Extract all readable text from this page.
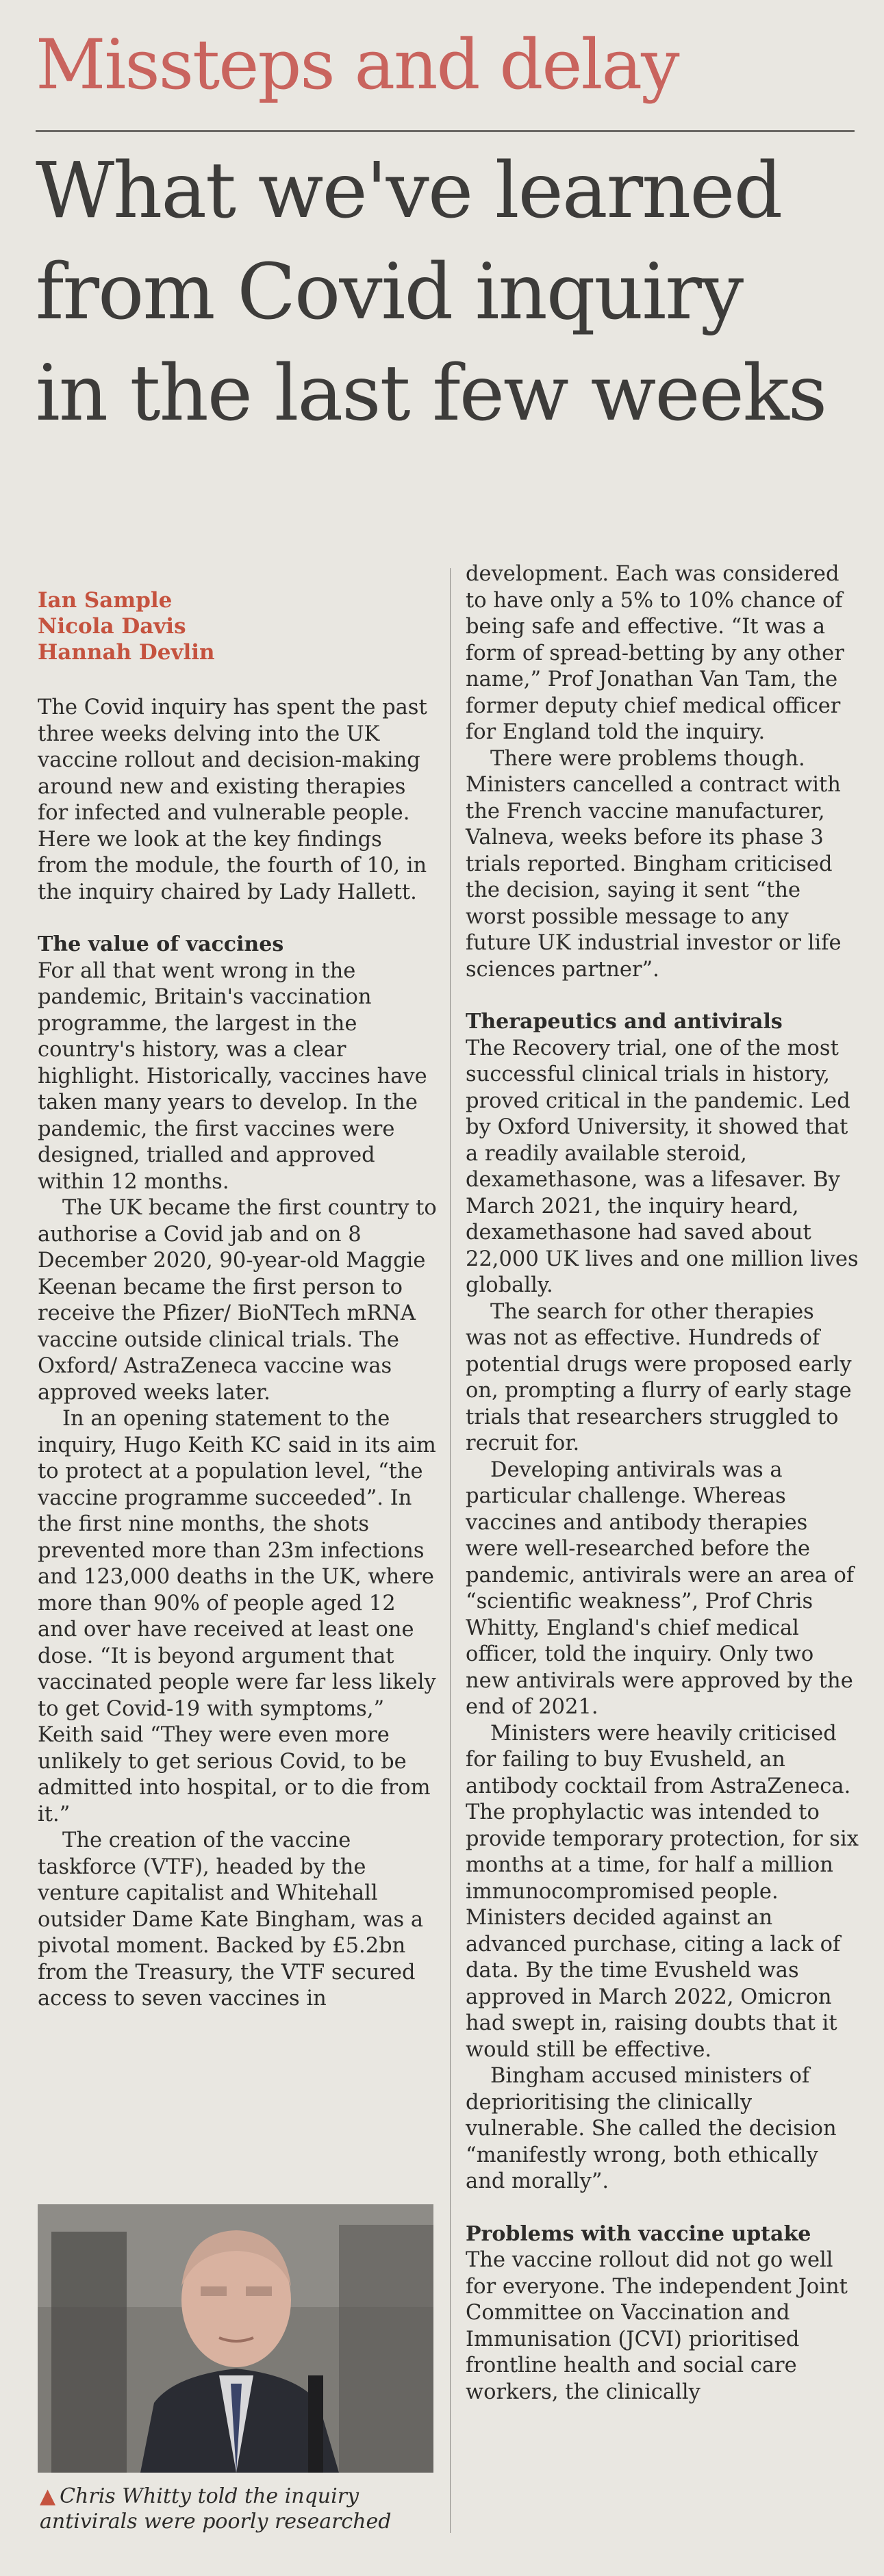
Missteps and delay
What we've learned
from Covid inquiry
in the last few weeks
Ian Sample
Nicola Davis
Hannah Devlin

The Covid inquiry has spent the past three weeks delving into the UK vaccine rollout and decision-making around new and existing therapies for infected and vulnerable people. Here we look at the key findings from the module, the fourth of 10, in the inquiry chaired by Lady Hallett.

The value of vaccines

For all that went wrong in the pandemic, Britain's vaccination programme, the largest in the country's history, was a clear highlight. Historically, vaccines have taken many years to develop. In the pandemic, the first vaccines were designed, trialled and approved within 12 months.

The UK became the first country to authorise a Covid jab and on 8 December 2020, 90-year-old Maggie Keenan became the first person to receive the Pfizer/ BioNTech mRNA vaccine outside clinical trials. The Oxford/ AstraZeneca vaccine was approved weeks later.

In an opening statement to the inquiry, Hugo Keith KC said in its aim to protect at a population level, “the vaccine programme succeeded”. In the first nine months, the shots prevented more than 23m infections and 123,000 deaths in the UK, where more than 90% of people aged 12 and over have received at least one dose. “It is beyond argument that vaccinated people were far less likely to get Covid-19 with symptoms,” Keith said “They were even more unlikely to get serious Covid, to be admitted into hospital, or to die from it.”

The creation of the vaccine taskforce (VTF), headed by the venture capitalist and Whitehall outsider Dame Kate Bingham, was a pivotal moment. Backed by £5.2bn from the Treasury, the VTF secured access to seven vaccines in

▲ Chris Whitty told the inquiry antivirals were poorly researched

development. Each was considered to have only a 5% to 10% chance of being safe and effective. “It was a form of spread-betting by any other name,” Prof Jonathan Van Tam, the former deputy chief medical officer for England told the inquiry.

There were problems though. Ministers cancelled a contract with the French vaccine manufacturer, Valneva, weeks before its phase 3 trials reported. Bingham criticised the decision, saying it sent “the worst possible message to any future UK industrial investor or life sciences partner”.

Therapeutics and antivirals

The Recovery trial, one of the most successful clinical trials in history, proved critical in the pandemic. Led by Oxford University, it showed that a readily available steroid, dexamethasone, was a lifesaver. By March 2021, the inquiry heard, dexamethasone had saved about 22,000 UK lives and one million lives globally.

The search for other therapies was not as effective. Hundreds of potential drugs were proposed early on, prompting a flurry of early stage trials that researchers struggled to recruit for.

Developing antivirals was a particular challenge. Whereas vaccines and antibody therapies were well-researched before the pandemic, antivirals were an area of “scientific weakness”, Prof Chris Whitty, England's chief medical officer, told the inquiry. Only two new antivirals were approved by the end of 2021.

Ministers were heavily criticised for failing to buy Evusheld, an antibody cocktail from AstraZeneca. The prophylactic was intended to provide temporary protection, for six months at a time, for half a million immunocompromised people. Ministers decided against an advanced purchase, citing a lack of data. By the time Evusheld was approved in March 2022, Omicron had swept in, raising doubts that it would still be effective.

Bingham accused ministers of deprioritising the clinically vulnerable. She called the decision “manifestly wrong, both ethically and morally”.

Problems with vaccine uptake

The vaccine rollout did not go well for everyone. The independent Joint Committee on Vaccination and Immunisation (JCVI) prioritised frontline health and social care workers, the clinically
